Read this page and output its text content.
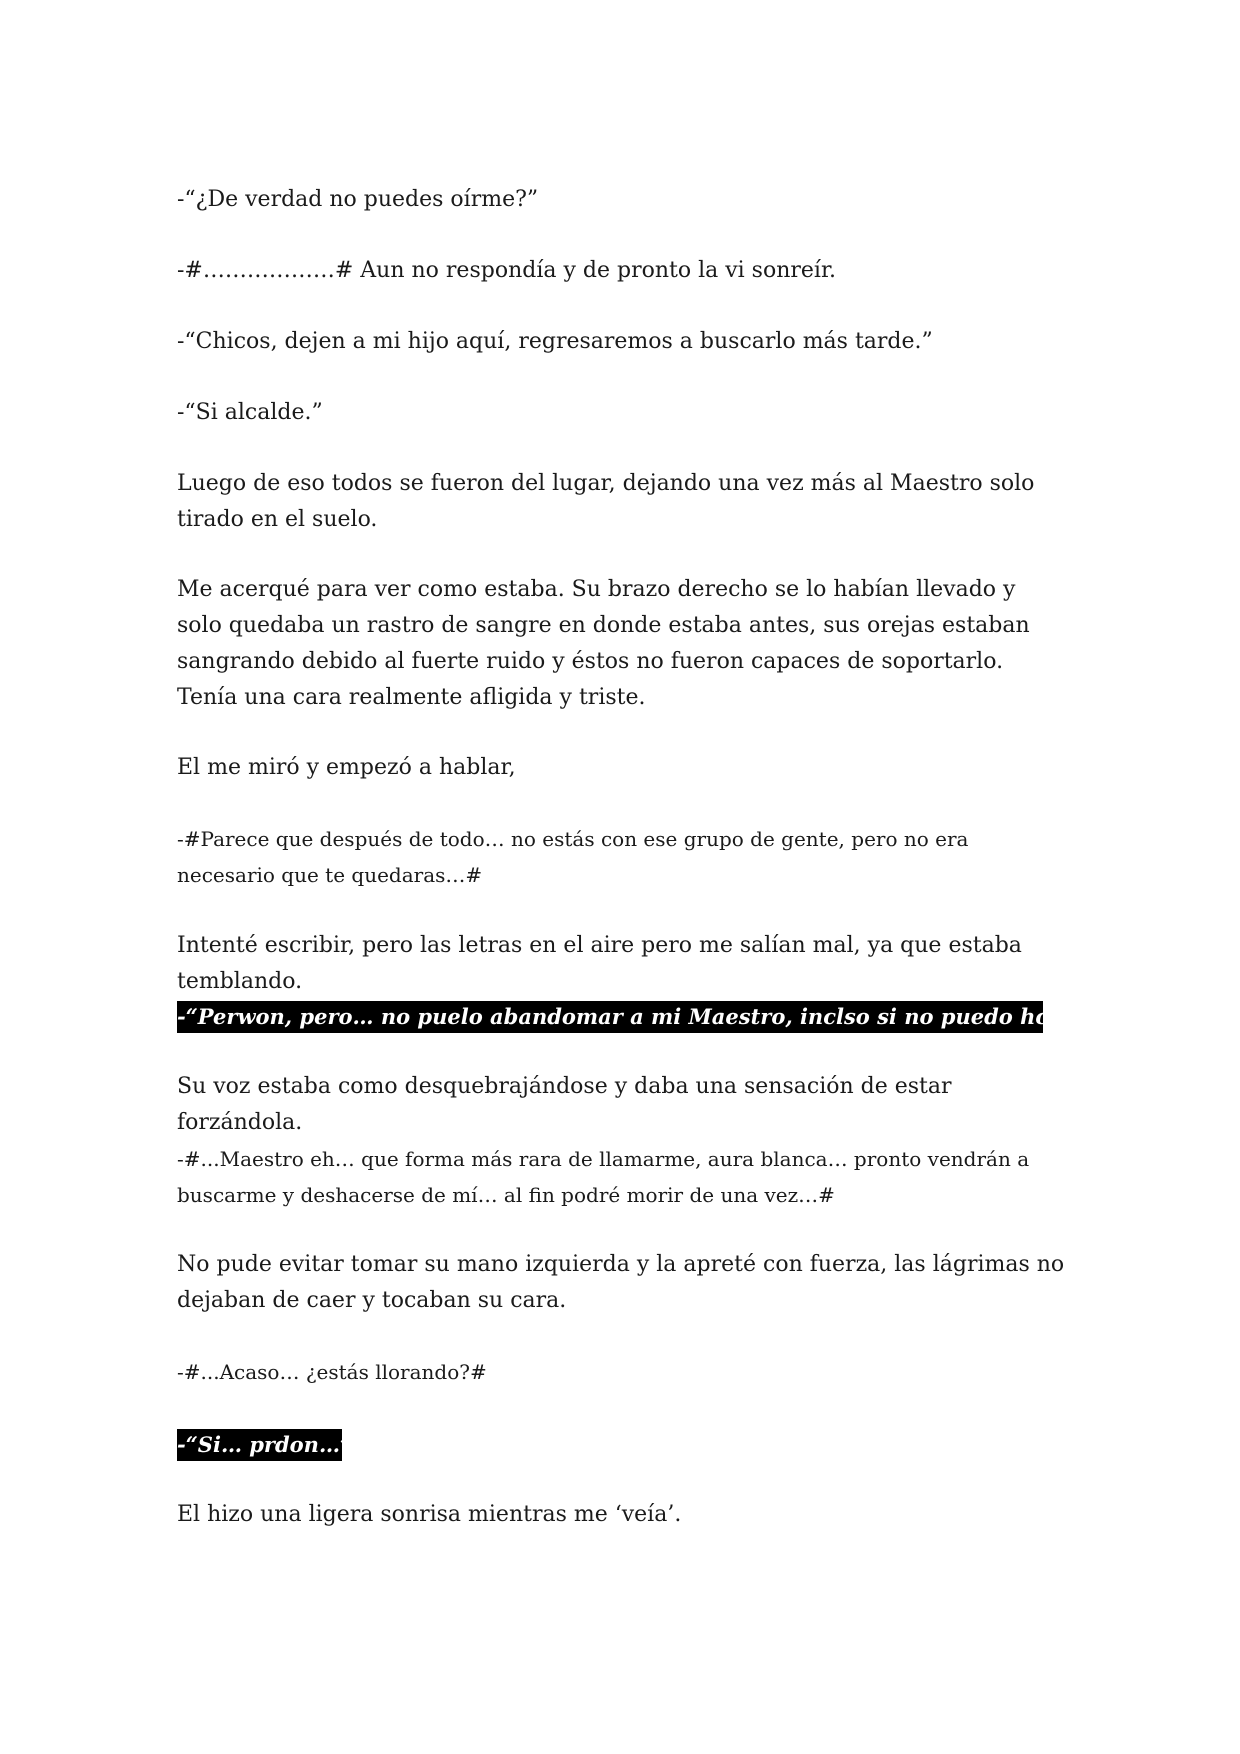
-“¿De verdad no puedes oírme?”

-#………………# Aun no respondía y de pronto la vi sonreír.

-“Chicos, dejen a mi hijo aquí, regresaremos a buscarlo más tarde.”

-“Si alcalde.”

Luego de eso todos se fueron del lugar, dejando una vez más al Maestro solo tirado en el suelo.

Me acerqué para ver como estaba. Su brazo derecho se lo habían llevado y solo quedaba un rastro de sangre en donde estaba antes, sus orejas estaban sangrando debido al fuerte ruido y éstos no fueron capaces de soportarlo. Tenía una cara realmente afligida y triste.

El me miró y empezó a hablar,

-#Parece que después de todo… no estás con ese grupo de gente, pero no era necesario que te quedaras…#

Intenté escribir, pero las letras en el aire pero me salían mal, ya que estaba temblando.

-“Perwon, pero… no puelo abandomar a mi Maestro, inclso si no puedo hcer nada…”

Su voz estaba como desquebrajándose y daba una sensación de estar forzándola.

-#...Maestro eh… que forma más rara de llamarme, aura blanca… pronto vendrán a buscarme y deshacerse de mí… al fin podré morir de una vez…#

No pude evitar tomar su mano izquierda y la apreté con fuerza, las lágrimas no dejaban de caer y tocaban su cara.

-#...Acaso… ¿estás llorando?#

-“Si… prdon…”

El hizo una ligera sonrisa mientras me ‘veía’.
